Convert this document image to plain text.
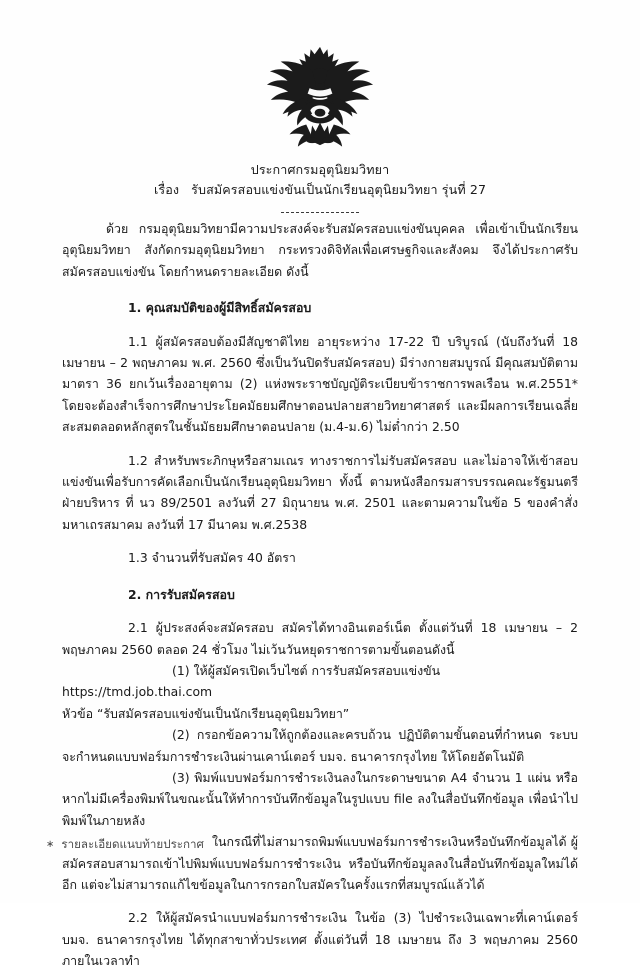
ประกาศกรมอุตุนิยมวิทยา
เรื่อง รับสมัครสอบแข่งขันเป็นนักเรียนอุตุนิยมวิทยา รุ่นที่ 27

ด้วย กรมอุตุนิยมวิทยามีความประสงค์จะรับสมัครสอบแข่งขันบุคคล เพื่อเข้าเป็นนักเรียนอุตุนิยมวิทยา สังกัดกรมอุตุนิยมวิทยา กระทรวงดิจิทัลเพื่อเศรษฐกิจและสังคม จึงได้ประกาศรับสมัครสอบแข่งขัน โดยกำหนดรายละเอียด ดังนี้

1. คุณสมบัติของผู้มีสิทธิ์สมัครสอบ

1.1 ผู้สมัครสอบต้องมีสัญชาติไทย อายุระหว่าง 17-22 ปี บริบูรณ์ (นับถึงวันที่ 18 เมษายน – 2 พฤษภาคม พ.ศ. 2560 ซึ่งเป็นวันปิดรับสมัครสอบ) มีร่างกายสมบูรณ์ มีคุณสมบัติตามมาตรา 36 ยกเว้นเรื่องอายุตาม (2) แห่งพระราชบัญญัติระเบียบข้าราชการพลเรือน พ.ศ.2551* โดยจะต้องสำเร็จการศึกษาประโยคมัธยมศึกษาตอนปลายสายวิทยาศาสตร์ และมีผลการเรียนเฉลี่ยสะสมตลอดหลักสูตรในชั้นมัธยมศึกษาตอนปลาย (ม.4-ม.6) ไม่ต่ำกว่า 2.50

1.2 สำหรับพระภิกษุหรือสามเณร ทางราชการไม่รับสมัครสอบ และไม่อาจให้เข้าสอบแข่งขันเพื่อรับการคัดเลือกเป็นนักเรียนอุตุนิยมวิทยา ทั้งนี้ ตามหนังสือกรมสารบรรณคณะรัฐมนตรีฝ่ายบริหาร ที่ นว 89/2501 ลงวันที่ 27 มิถุนายน พ.ศ. 2501 และตามความในข้อ 5 ของคำสั่งมหาเถรสมาคม ลงวันที่ 17 มีนาคม พ.ศ.2538

1.3 จำนวนที่รับสมัคร 40 อัตรา

2. การรับสมัครสอบ

2.1 ผู้ประสงค์จะสมัครสอบ สมัครได้ทางอินเตอร์เน็ต ตั้งแต่วันที่ 18 เมษายน – 2 พฤษภาคม 2560 ตลอด 24 ชั่วโมง ไม่เว้นวันหยุดราชการตามขั้นตอนดังนี้

(1) ให้ผู้สมัครเปิดเว็บไซต์ การรับสมัครสอบแข่งขัน https://tmd.job.thai.com
หัวข้อ “รับสมัครสอบแข่งขันเป็นนักเรียนอุตุนิยมวิทยา”

(2) กรอกข้อความให้ถูกต้องและครบถ้วน ปฏิบัติตามขั้นตอนที่กำหนด ระบบจะกำหนดแบบฟอร์มการชำระเงินผ่านเคาน์เตอร์ บมจ. ธนาคารกรุงไทย ให้โดยอัตโนมัติ

(3) พิมพ์แบบฟอร์มการชำระเงินลงในกระดาษขนาด A4 จำนวน 1 แผ่น หรือหากไม่มีเครื่องพิมพ์ในขณะนั้นให้ทำการบันทึกข้อมูลในรูปแบบ file ลงในสื่อบันทึกข้อมูล เพื่อนำไปพิมพ์ในภายหลัง

ในกรณีที่ไม่สามารถพิมพ์แบบฟอร์มการชำระเงินหรือบันทึกข้อมูลได้ ผู้สมัครสอบสามารถเข้าไปพิมพ์แบบฟอร์มการชำระเงิน หรือบันทึกข้อมูลลงในสื่อบันทึกข้อมูลใหม่ได้อีก แต่จะไม่สามารถแก้ไขข้อมูลในการกรอกใบสมัครในครั้งแรกที่สมบูรณ์แล้วได้

2.2 ให้ผู้สมัครนำแบบฟอร์มการชำระเงิน ในข้อ (3) ไปชำระเงินเฉพาะที่เคาน์เตอร์ บมจ. ธนาคารกรุงไทย ได้ทุกสาขาทั่วประเทศ ตั้งแต่วันที่ 18 เมษายน ถึง 3 พฤษภาคม 2560 ภายในเวลาทำ

∗ รายละเอียดแนบท้ายประกาศ
